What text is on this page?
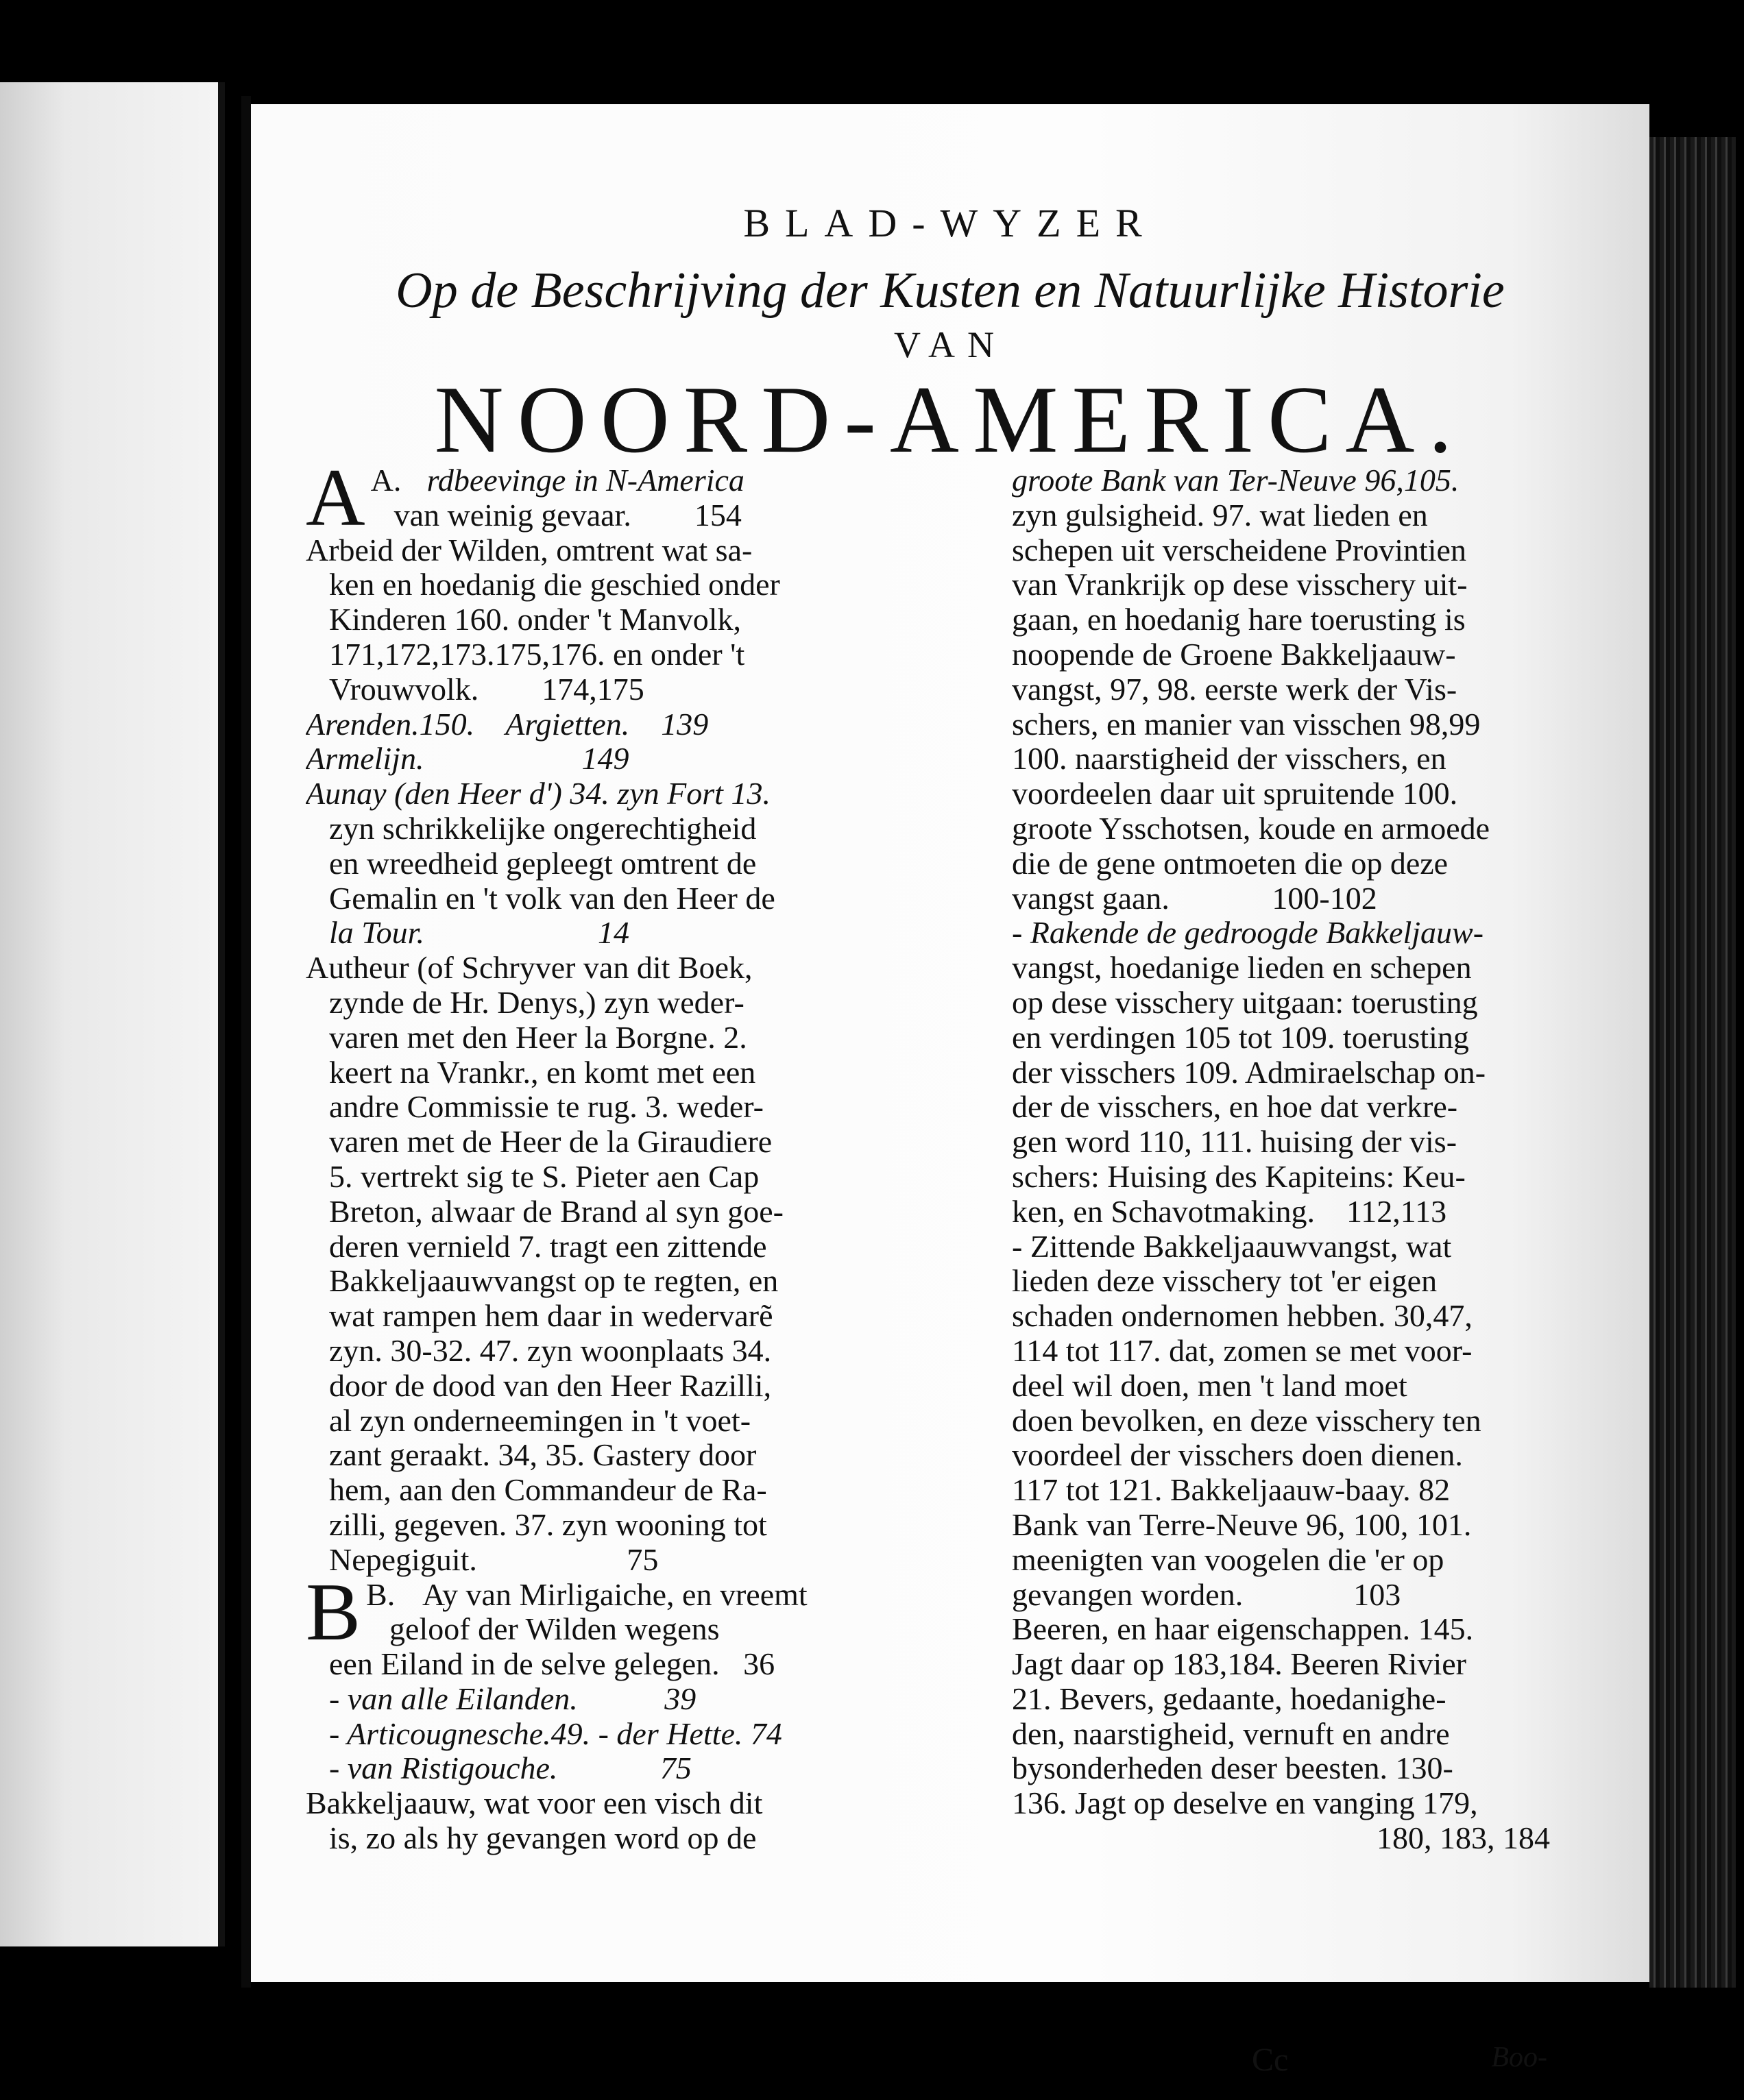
BLAD-WYZER
Op de Beschrijving der Kusten en Natuurlijke Historie
VAN
NOORD-AMERICA.
A.
A rdbeevinge in N-America
van weinig gevaar.        154
Arbeid der Wilden, omtrent wat sa-
ken en hoedanig die geschied onder
Kinderen 160. onder 't Manvolk,
171,172,173.175,176. en onder 't
Vrouwvolk.        174,175
Arenden.150.    Argietten.    139
Armelijn.                    149
Aunay (den Heer d') 34. zyn Fort 13.
zyn schrikkelijke ongerechtigheid
en wreedheid gepleegt omtrent de
Gemalin en 't volk van den Heer de
la Tour.                      14
Autheur (of Schryver van dit Boek,
zynde de Hr. Denys,) zyn weder-
varen met den Heer la Borgne. 2.
keert na Vrankr., en komt met een
andre Commissie te rug. 3. weder-
varen met de Heer de la Giraudiere
5. vertrekt sig te S. Pieter aen Cap
Breton, alwaar de Brand al syn goe-
deren vernield 7. tragt een zittende
Bakkeljaauwvangst op te regten, en
wat rampen hem daar in wedervarẽ
zyn. 30-32. 47. zyn woonplaats 34.
door de dood van den Heer Razilli,
al zyn onderneemingen in 't voet-
zant geraakt. 34, 35. Gastery door
hem, aan den Commandeur de Ra-
zilli, gegeven. 37. zyn wooning tot
Nepegiguit.                   75
B.
B Ay van Mirligaiche, en vreemt
geloof der Wilden wegens
een Eiland in de selve gelegen.   36
- van alle Eilanden.           39
- Articougnesche.49. - der Hette. 74
- van Ristigouche.             75
Bakkeljaauw, wat voor een visch dit
is, zo als hy gevangen word op de
groote Bank van Ter-Neuve 96,105.
zyn gulsigheid. 97. wat lieden en
schepen uit verscheidene Provintien
van Vrankrijk op dese visschery uit-
gaan, en hoedanig hare toerusting is
noopende de Groene Bakkeljaauw-
vangst, 97, 98. eerste werk der Vis-
schers, en manier van visschen 98,99
100. naarstigheid der visschers, en
voordeelen daar uit spruitende 100.
groote Ysschotsen, koude en armoede
die de gene ontmoeten die op deze
vangst gaan.             100-102
- Rakende de gedroogde Bakkeljauw-
vangst, hoedanige lieden en schepen
op dese visschery uitgaan: toerusting
en verdingen 105 tot 109. toerusting
der visschers 109. Admiraelschap on-
der de visschers, en hoe dat verkre-
gen word 110, 111. huising der vis-
schers: Huising des Kapiteins: Keu-
ken, en Schavotmaking.    112,113
- Zittende Bakkeljaauwvangst, wat
lieden deze visschery tot 'er eigen
schaden ondernomen hebben. 30,47,
114 tot 117. dat, zomen se met voor-
deel wil doen, men 't land moet
doen bevolken, en deze visschery ten
voordeel der visschers doen dienen.
117 tot 121. Bakkeljaauw-baay. 82
Bank van Terre-Neuve 96, 100, 101.
meenigten van voogelen die 'er op
gevangen worden.              103
Beeren, en haar eigenschappen. 145.
Jagt daar op 183,184. Beeren Rivier
21. Bevers, gedaante, hoedanighe-
den, naarstigheid, vernuft en andre
bysonderheden deser beesten. 130-
136. Jagt op deselve en vanging 179,
180, 183, 184
Cc	Boo-
